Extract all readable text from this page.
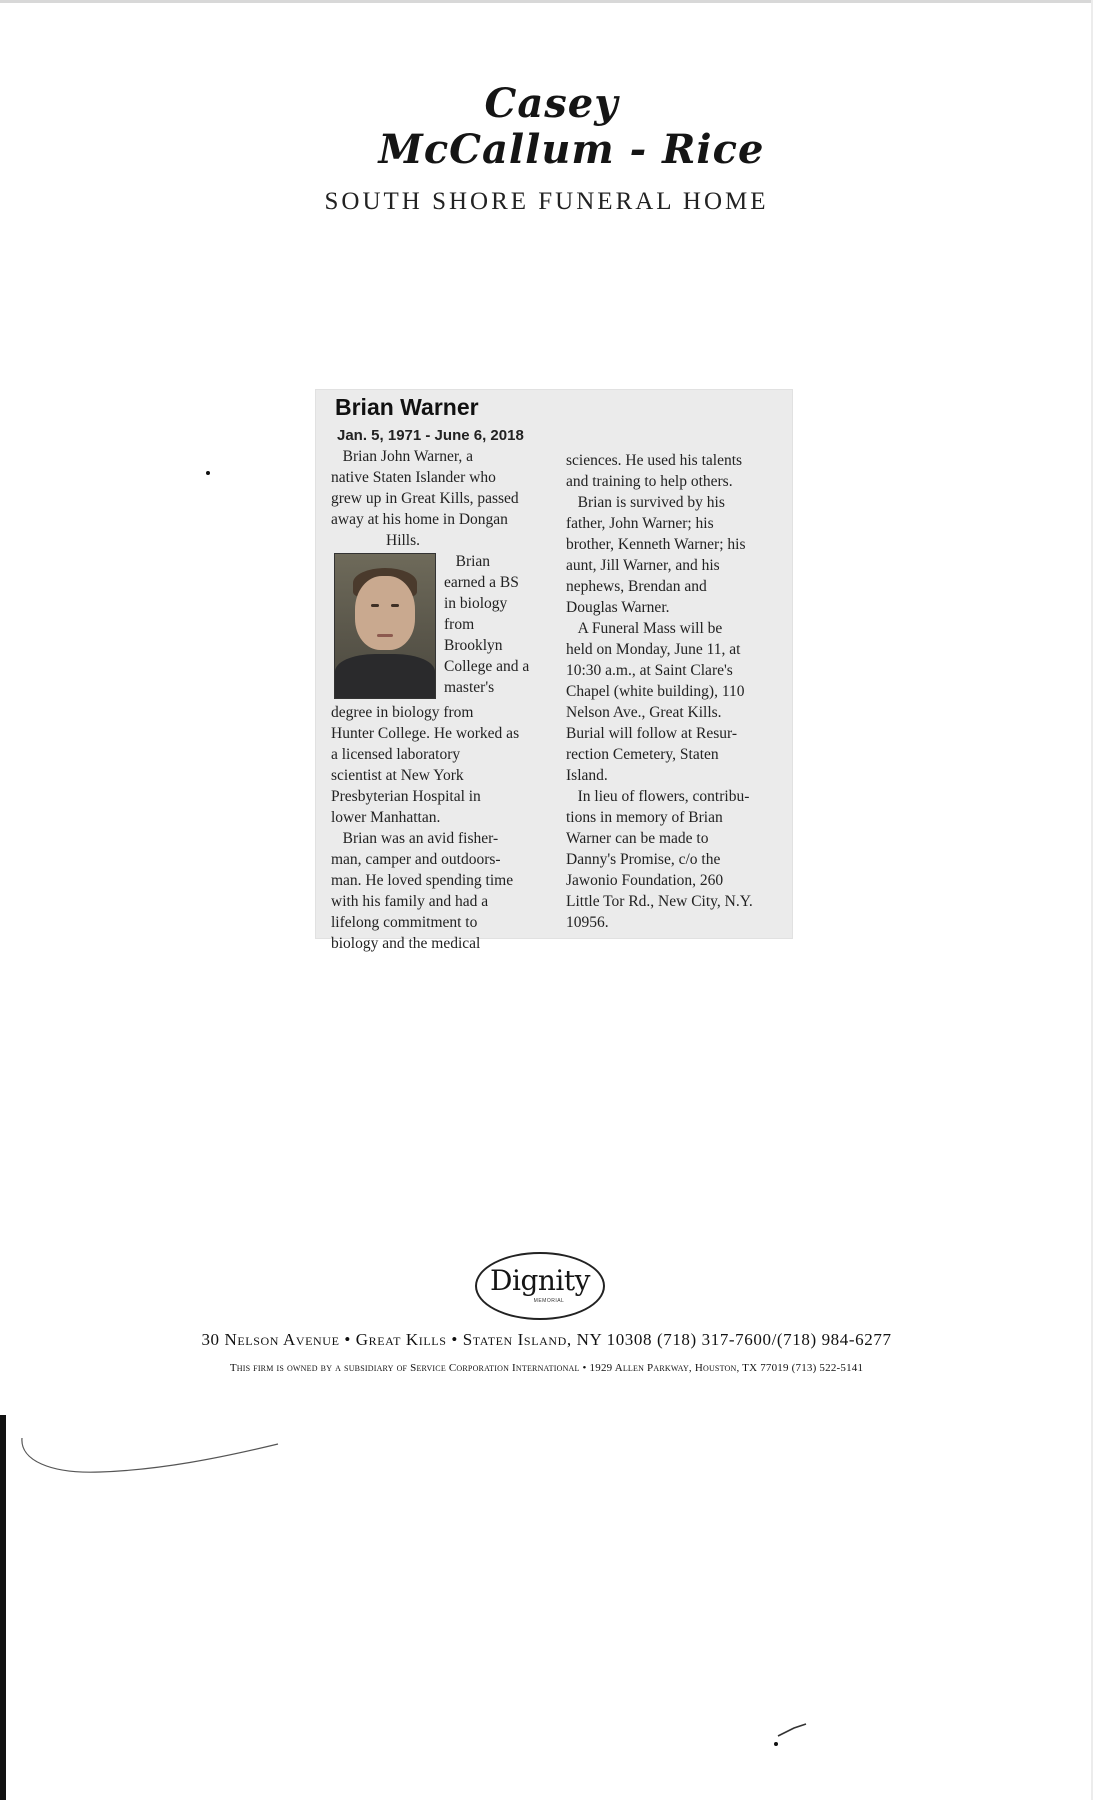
Casey
McCallum - Rice
SOUTH SHORE FUNERAL HOME
Brian Warner
Jan. 5, 1971 - June 6, 2018

Brian John Warner, a

native Staten Islander who

grew up in Great Kills, passed

away at his home in Dongan

Hills.

Brian

earned a BS

in biology

from

Brooklyn

College and a

master's

degree in biology from

Hunter College. He worked as

a licensed laboratory

scientist at New York

Presbyterian Hospital in

lower Manhattan.

Brian was an avid fisher-

man, camper and outdoors-

man. He loved spending time

with his family and had a

lifelong commitment to

biology and the medical

sciences. He used his talents

and training to help others.

Brian is survived by his

father, John Warner; his

brother, Kenneth Warner; his

aunt, Jill Warner, and his

nephews, Brendan and

Douglas Warner.

A Funeral Mass will be

held on Monday, June 11, at

10:30 a.m., at Saint Clare's

Chapel (white building), 110

Nelson Ave., Great Kills.

Burial will follow at Resur-

rection Cemetery, Staten

Island.

In lieu of flowers, contribu-

tions in memory of Brian

Warner can be made to

Danny's Promise, c/o the

Jawonio Foundation, 260

Little Tor Rd., New City, N.Y.

10956.

Dignity
MEMORIAL
30 Nelson Avenue • Great Kills • Staten Island, NY 10308 (718) 317-7600/(718) 984-6277
This firm is owned by a subsidiary of Service Corporation International • 1929 Allen Parkway, Houston, TX 77019 (713) 522-5141
